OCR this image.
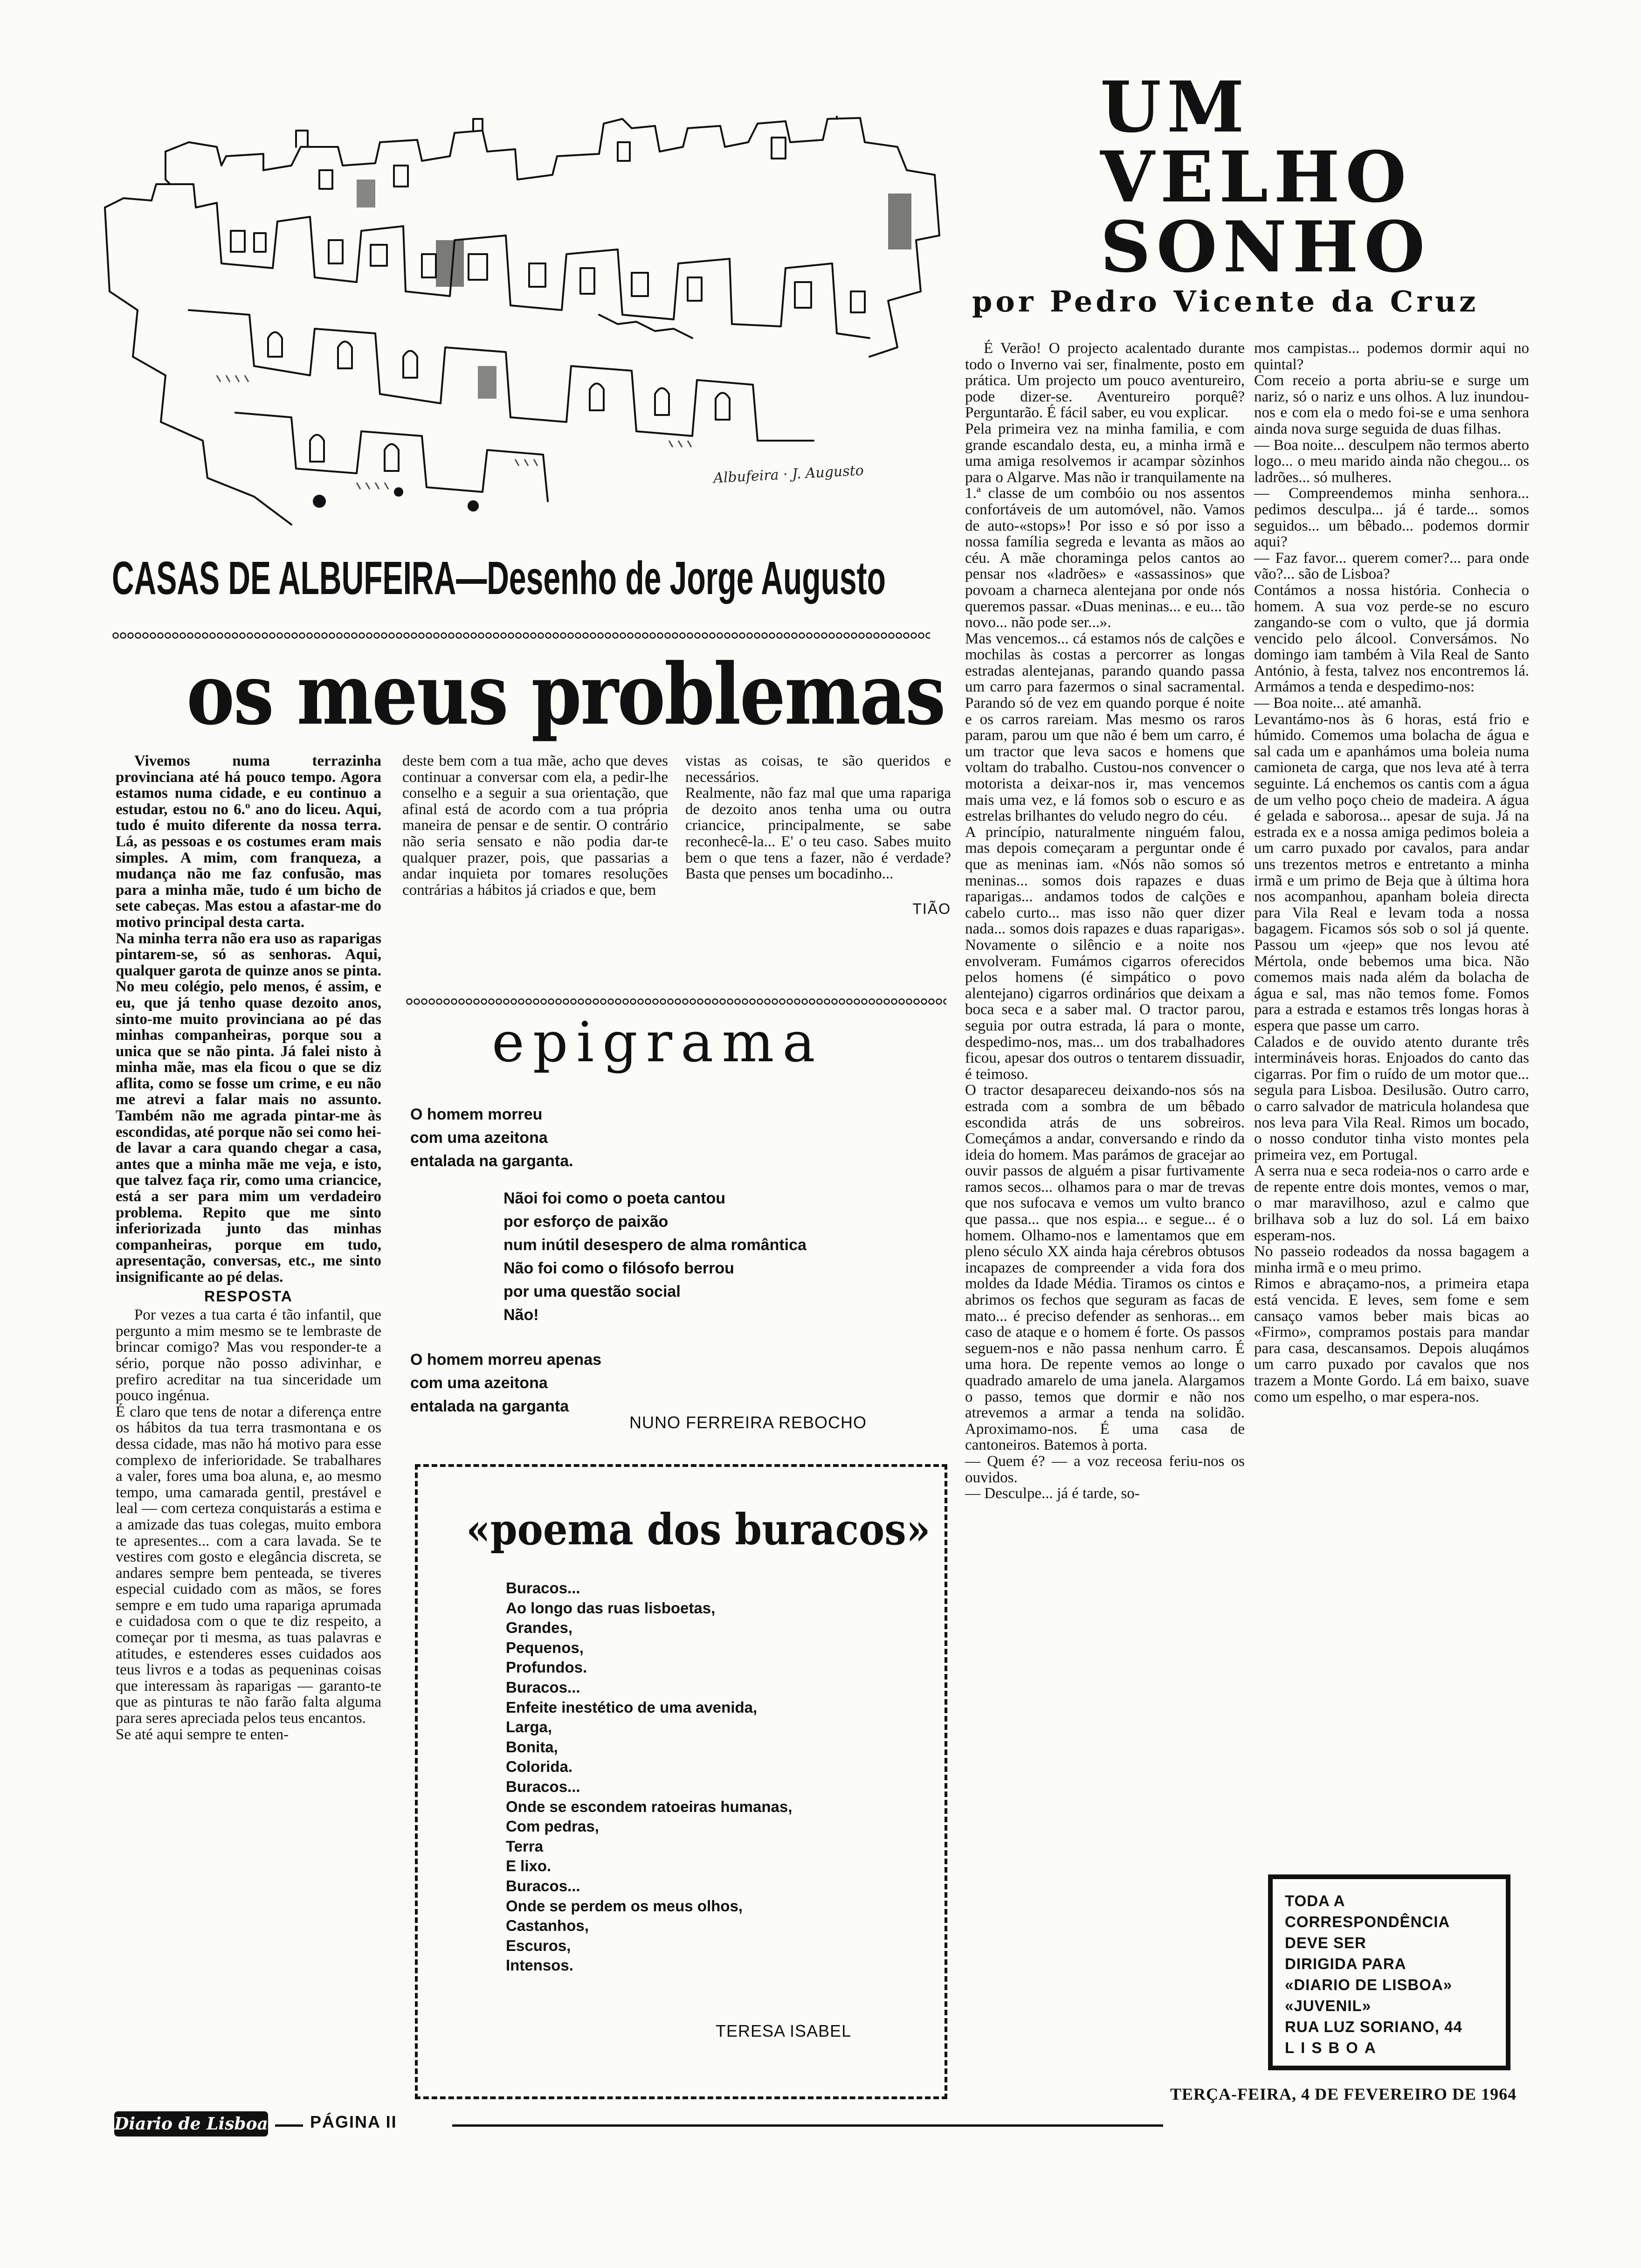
Albufeira · J. Augusto
CASAS DE ALBUFEIRA—Desenho de Jorge Augusto
os meus problemas

Vivemos numa terrazinha provinciana até há pouco tempo. Agora estamos numa cidade, e eu continuo a estudar, estou no 6.º ano do liceu. Aqui, tudo é muito diferente da nossa terra. Lá, as pessoas e os costumes eram mais simples. A mim, com franqueza, a mudança não me faz confusão, mas para a minha mãe, tudo é um bicho de sete cabeças. Mas estou a afastar-me do motivo principal desta carta.
Na minha terra não era uso as raparigas pintarem-se, só as senhoras. Aqui, qualquer garota de quinze anos se pinta. No meu colégio, pelo menos, é assim, e eu, que já tenho quase dezoito anos, sinto-me muito provinciana ao pé das minhas companheiras, porque sou a unica que se não pinta. Já falei nisto à minha mãe, mas ela ficou o que se diz aflita, como se fosse um crime, e eu não me atrevi a falar mais no assunto. Também não me agrada pintar-me às escondidas, até porque não sei como hei-de lavar a cara quando chegar a casa, antes que a minha mãe me veja, e isto, que talvez faça rir, como uma criancice, está a ser para mim um verdadeiro problema. Repito que me sinto inferiorizada junto das minhas companheiras, porque em tudo, apresentação, conversas, etc., me sinto insignificante ao pé delas.

RESPOSTA

Por vezes a tua carta é tão infantil, que pergunto a mim mesmo se te lembraste de brincar comigo? Mas vou responder-te a sério, porque não posso adivinhar, e prefiro acreditar na tua sinceridade um pouco ingénua.
É claro que tens de notar a diferença entre os hábitos da tua terra trasmontana e os dessa cidade, mas não há motivo para esse complexo de inferioridade. Se trabalhares a valer, fores uma boa aluna, e, ao mesmo tempo, uma camarada gentil, prestável e leal — com certeza conquistarás a estima e a amizade das tuas colegas, muito embora te apresentes... com a cara lavada. Se te vestires com gosto e elegância discreta, se andares sempre bem penteada, se tiveres especial cuidado com as mãos, se fores sempre e em tudo uma rapariga aprumada e cuidadosa com o que te diz respeito, a começar por ti mesma, as tuas palavras e atitudes, e estenderes esses cuidados aos teus livros e a todas as pequeninas coisas que interessam às raparigas — garanto-te que as pinturas te não farão falta alguma para seres apreciada pelos teus encantos.
Se até aqui sempre te enten-

deste bem com a tua mãe, acho que deves continuar a conversar com ela, a pedir-lhe conselho e a seguir a sua orientação, que afinal está de acordo com a tua própria maneira de pensar e de sentir. O contrário não seria sensato e não podia dar-te qualquer prazer, pois, que passarias a andar inquieta por tomares resoluções contrárias a hábitos já criados e que, bem

vistas as coisas, te são queridos e necessários.
Realmente, não faz mal que uma rapariga de dezoito anos tenha uma ou outra criancice, principalmente, se sabe reconhecê-la... E' o teu caso. Sabes muito bem o que tens a fazer, não é verdade? Basta que penses um bocadinho...

TIÃO
epigrama
O homem morreu
com uma azeitona
entalada na garganta.
Nãoi foi como o poeta cantou
por esforço de paixão
num inútil desespero de alma romântica
Não foi como o filósofo berrou
por uma questão social
Não!
O homem morreu apenas
com uma azeitona
entalada na garganta
NUNO FERREIRA REBOCHO
«poema dos buracos»
Buracos...
Ao longo das ruas lisboetas,
Grandes,
Pequenos,
Profundos.
Buracos...
Enfeite inestético de uma avenida,
Larga,
Bonita,
Colorida.
Buracos...
Onde se escondem ratoeiras humanas,
Com pedras,
Terra
E lixo.
Buracos...
Onde se perdem os meus olhos,
Castanhos,
Escuros,
Intensos.
TERESA ISABEL
UM
VELHO
SONHO
por Pedro Vicente da Cruz

É Verão! O projecto acalentado durante todo o Inverno vai ser, finalmente, posto em prática. Um projecto um pouco aventureiro, pode dizer-se. Aventureiro porquê? Perguntarão. É fácil saber, eu vou explicar.
Pela primeira vez na minha familia, e com grande escandalo desta, eu, a minha irmã e uma amiga resolvemos ir acampar sòzinhos para o Algarve. Mas não ir tranquilamente na 1.ª classe de um combóio ou nos assentos confortáveis de um automóvel, não. Vamos de auto-«stops»! Por isso e só por isso a nossa família segreda e levanta as mãos ao céu. A mãe choraminga pelos cantos ao pensar nos «ladrões» e «assassinos» que povoam a charneca alentejana por onde nós queremos passar. «Duas meninas... e eu... tão novo... não pode ser...».
Mas vencemos... cá estamos nós de calções e mochilas às costas a percorrer as longas estradas alentejanas, parando quando passa um carro para fazermos o sinal sacramental. Parando só de vez em quando porque é noite e os carros rareiam. Mas mesmo os raros param, parou um que não é bem um carro, é um tractor que leva sacos e homens que voltam do trabalho. Custou-nos convencer o motorista a deixar-nos ir, mas vencemos mais uma vez, e lá fomos sob o escuro e as estrelas brilhantes do veludo negro do céu.
A princípio, naturalmente ninguém falou, mas depois começaram a perguntar onde é que as meninas iam. «Nós não somos só meninas... somos dois rapazes e duas raparigas... andamos todos de calções e cabelo curto... mas isso não quer dizer nada... somos dois rapazes e duas raparigas». Novamente o silêncio e a noite nos envolveram. Fumámos cigarros oferecidos pelos homens (é simpático o povo alentejano) cigarros ordinários que deixam a boca seca e a saber mal. O tractor parou, seguia por outra estrada, lá para o monte, despedimo-nos, mas... um dos trabalhadores ficou, apesar dos outros o tentarem dissuadir, é teimoso.
O tractor desapareceu deixando-nos sós na estrada com a sombra de um bêbado escondida atrás de uns sobreiros. Começámos a andar, conversando e rindo da ideia do homem. Mas parámos de gracejar ao ouvir passos de alguém a pisar furtivamente ramos secos... olhamos para o mar de trevas que nos sufocava e vemos um vulto branco que passa... que nos espia... e segue... é o homem. Olhamo-nos e lamentamos que em pleno século XX ainda haja cérebros obtusos incapazes de compreender a vida fora dos moldes da Idade Média. Tiramos os cintos e abrimos os fechos que seguram as facas de mato... é preciso defender as senhoras... em caso de ataque e o homem é forte. Os passos seguem-nos e não passa nenhum carro. É uma hora. De repente vemos ao longe o quadrado amarelo de uma janela. Alargamos o passo, temos que dormir e não nos atrevemos a armar a tenda na solidão. Aproximamo-nos. É uma casa de cantoneiros. Batemos à porta.
— Quem é? — a voz receosa feriu-nos os ouvidos.
— Desculpe... já é tarde, so-

mos campistas... podemos dormir aqui no quintal?
Com receio a porta abriu-se e surge um nariz, só o nariz e uns olhos. A luz inundou-nos e com ela o medo foi-se e uma senhora ainda nova surge seguida de duas filhas.
— Boa noite... desculpem não termos aberto logo... o meu marido ainda não chegou... os ladrões... só mulheres.
— Compreendemos minha senhora... pedimos desculpa... já é tarde... somos seguidos... um bêbado... podemos dormir aqui?
— Faz favor... querem comer?... para onde vão?... são de Lisboa?
Contámos a nossa história. Conhecia o homem. A sua voz perde-se no escuro zangando-se com o vulto, que já dormia vencido pelo álcool. Conversámos. No domingo iam também à Vila Real de Santo António, à festa, talvez nos encontremos lá. Armámos a tenda e despedimo-nos:
— Boa noite... até amanhã.
Levantámo-nos às 6 horas, está frio e húmido. Comemos uma bolacha de água e sal cada um e apanhámos uma boleia numa camioneta de carga, que nos leva até à terra seguinte. Lá enchemos os cantis com a água de um velho poço cheio de madeira. A água é gelada e saborosa... apesar de suja. Já na estrada ex e a nossa amiga pedimos boleia a um carro puxado por cavalos, para andar uns trezentos metros e entretanto a minha irmã e um primo de Beja que à última hora nos acompanhou, apanham boleia directa para Vila Real e levam toda a nossa bagagem. Ficamos sós sob o sol já quente. Passou um «jeep» que nos levou até Mértola, onde bebemos uma bica. Não comemos mais nada além da bolacha de água e sal, mas não temos fome. Fomos para a estrada e estamos três longas horas à espera que passe um carro.
Calados e de ouvido atento durante três intermináveis horas. Enjoados do canto das cigarras. Por fim o ruído de um motor que... segula para Lisboa. Desilusão. Outro carro, o carro salvador de matricula holandesa que nos leva para Vila Real. Rimos um bocado, o nosso condutor tinha visto montes pela primeira vez, em Portugal.
A serra nua e seca rodeia-nos o carro arde e de repente entre dois montes, vemos o mar, o mar maravilhoso, azul e calmo que brilhava sob a luz do sol. Lá em baixo esperam-nos.
No passeio rodeados da nossa bagagem a minha irmã e o meu primo.
Rimos e abraçamo-nos, a primeira etapa está vencida. E leves, sem fome e sem cansaço vamos beber mais bicas ao «Firmo», compramos postais para mandar para casa, descansamos. Depois aluqámos um carro puxado por cavalos que nos trazem a Monte Gordo. Lá em baixo, suave como um espelho, o mar espera-nos.

TODA A
CORRESPONDÊNCIA
DEVE SER
DIRIGIDA PARA
«DIARIO DE LISBOA»
«JUVENIL»
RUA LUZ SORIANO, 44
LISBOA
Diario de Lisboa	PÁGINA II
TERÇA-FEIRA, 4 DE FEVEREIRO DE 1964
